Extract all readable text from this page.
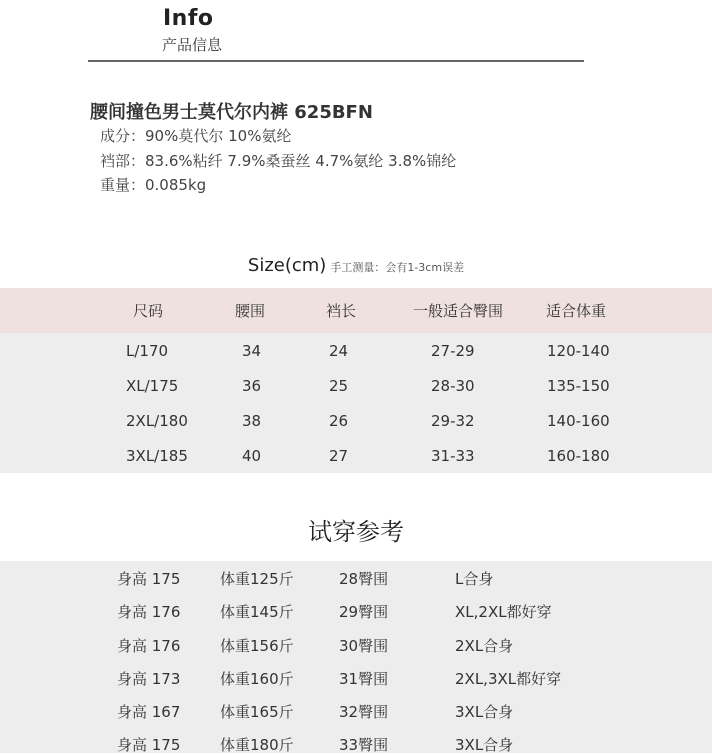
Info
产品信息
腰间撞色男士莫代尔内裤 625BFN
成分：90%莫代尔 10%氨纶
裆部：83.6%粘纤 7.9%桑蚕丝 4.7%氨纶 3.8%锦纶
重量：0.085kg
Size(cm) 手工测量：会有1-3cm误差
尺码	腰围	裆长	一般适合臀围	适合体重
L/170	34	24	27-29	120-140
XL/175	36	25	28-30	135-150
2XL/180	38	26	29-32	140-160
3XL/185	40	27	31-33	160-180
试穿参考
身高 175	体重125斤	28臀围	L合身
身高 176	体重145斤	29臀围	XL,2XL都好穿
身高 176	体重156斤	30臀围	2XL合身
身高 173	体重160斤	31臀围	2XL,3XL都好穿
身高 167	体重165斤	32臀围	3XL合身
身高 175	体重180斤	33臀围	3XL合身
